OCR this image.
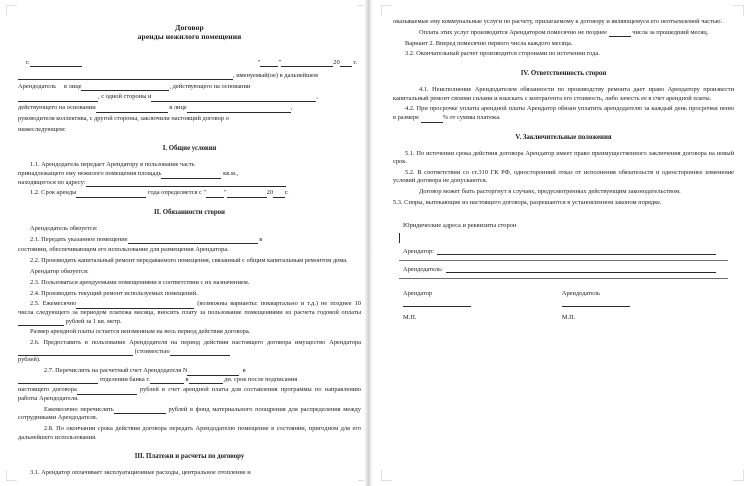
Договор
аренды нежилого помещения
г.	"	"	20 г.

, именуемый(ое) в дальнейшем

Арендодатель в лице	, действующего на основании

, с одной стороны и	,

действующего на основании	в лице	,

руководителя коллектива, с другой стороны, заключили настоящий договор о

нижеследующем:

I. Общие условия

1.1. Арендодатель передает Арендатору в пользование часть
принадлежащего ему нежилого помещения площадь	кв.м.,
находящегося по адресу:

1.2. Срок аренды	года определяется с "	"	20 г.

II. Обязанности сторон

Арендодатель обязуется:

2.1. Передать указанное помещение	в

состоянии, обеспечивающем его использование для размещения Арендатора.

2.2. Производить капитальный ремонт передаваемого помещения, связанный с общим капитальным ремонтом дома.

Арендатор обязуется:

2.3. Пользоваться арендуемыми помещениями в соответствии с их назначением.

2.4. Производить текущий ремонт используемых помещений.

2.5. Ежемесячно	(возможны варианты: поквартально и т.д.) не позднее 10 числа следующего за периодом платежа месяца, вносить плату за пользование помещениями из расчета годовой оплаты рублей за 1 кв. метр.

Размер арендной платы остается неизменным на весь период действия договора.

2.6. Предоставить в пользование Арендодателя на период действия настоящего договора имущество Арендатора (стоимостью
рублей).

2.7. Перечислить на расчетный счет Арендодателя N	в
отделении банка г.	в	дн. срок после подписания

настоящего договора	рублей в счет арендной платы для составления программы по направлению работы Арендодателя.

Ежемесячно перечислять	рублей в фонд материального поощрения для распределения между сотрудниками Арендодателя.

2.8. По окончании срока действия договора передать Арендодателю помещение в состоянии, пригодном для его дальнейшего использования.

III. Платежи и расчеты по договору

3.1. Арендатор оплачивает эксплуатационные расходы, центральное отопление и

оказываемые ему коммунальные услуги по расчету, прилагаемому к договору и являющемуся его неотъемлемой частью.

Оплата этих услуг производится Арендатором помесячно не позднее	числа за прошедший месяц.

Вариант 2. Вперед помесячно первого числа каждого месяца.

3.2. Окончательный расчет производится сторонами по истечении года.

IV. Ответственность сторон

4.1. Неисполнение Арендодателем обязанности по производству ремонта дает право Арендатору произвести капитальный ремонт своими силами и взыскать с контрагента его стоимость, либо зачесть ее в счет арендной платы.

4.2. При просрочке уплаты арендной платы Арендатор обязан уплатить арендодателю за каждый день просрочки пеню в размере	% от суммы платежа.

V. Заключительные положения

5.1. По истечении срока действия договора Арендатор имеет право преимущественного заключения договора на новый срок.

5.2. В соответствии со ст.310 ГК РФ, односторонний отказ от исполнения обязательств и одностороннее изменение условий договора не допускаются.

Договор может быть расторгнут в случаях, предусмотренных действующим законодательством.

5.3. Споры, вытекающие из настоящего договора, разрешаются в установленном законом порядке.

Юридические адреса и реквизиты сторон
Арендатор:
Арендодатель:
Арендатор
М.П.
Арендодатель
М.П.
